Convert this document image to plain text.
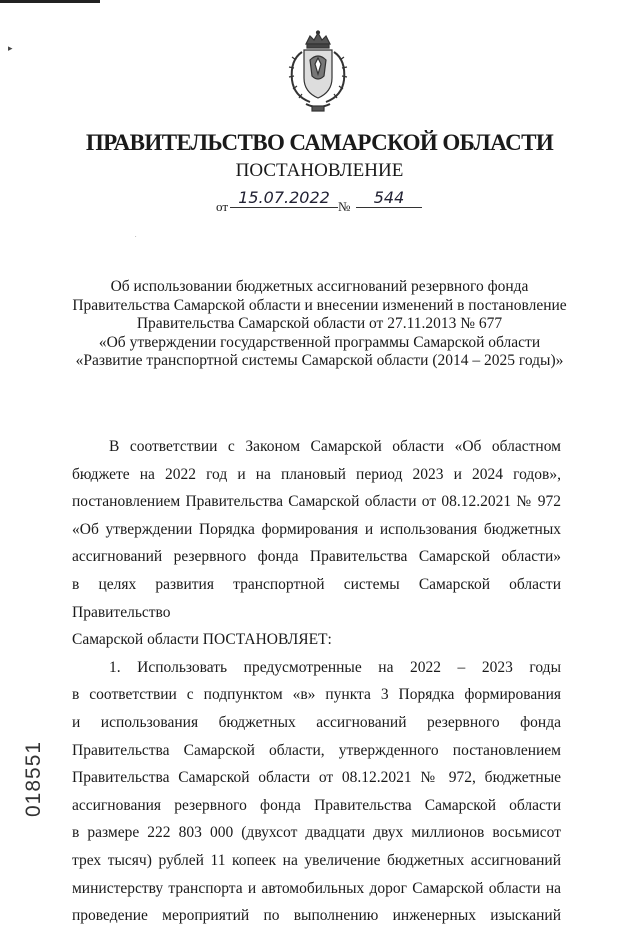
▸
.
ПРАВИТЕЛЬСТВО САМАРСКОЙ ОБЛАСТИ
ПОСТАНОВЛЕНИЕ
от 15.07.2022 №	544
Об использовании бюджетных ассигнований резервного фонда
Правительства Самарской области и внесении изменений в постановление
Правительства Самарской области от 27.11.2013 № 677
«Об утверждении государственной программы Самарской области
«Развитие транспортной системы Самарской области (2014 – 2025 годы)»

В соответствии с Законом Самарской области «Об областном
бюджете на 2022 год и на плановый период 2023 и 2024 годов»,
постановлением Правительства Самарской области от 08.12.2021 № 972
«Об утверждении Порядка формирования и использования бюджетных
ассигнований резервного фонда Правительства Самарской области»
в целях развития транспортной системы Самарской области Правительство

Самарской области ПОСТАНОВЛЯЕТ:

1. Использовать предусмотренные на 2022 – 2023 годы
в соответствии с подпунктом «в» пункта 3 Порядка формирования
и использования бюджетных ассигнований резервного фонда
Правительства Самарской области, утвержденного постановлением
Правительства Самарской области от 08.12.2021 № 972, бюджетные
ассигнования резервного фонда Правительства Самарской области
в размере 222 803 000 (двухсот двадцати двух миллионов восьмисот
трех тысяч) рублей 11 копеек на увеличение бюджетных ассигнований
министерству транспорта и автомобильных дорог Самарской области на
проведение мероприятий по выполнению инженерных изысканий

018551
